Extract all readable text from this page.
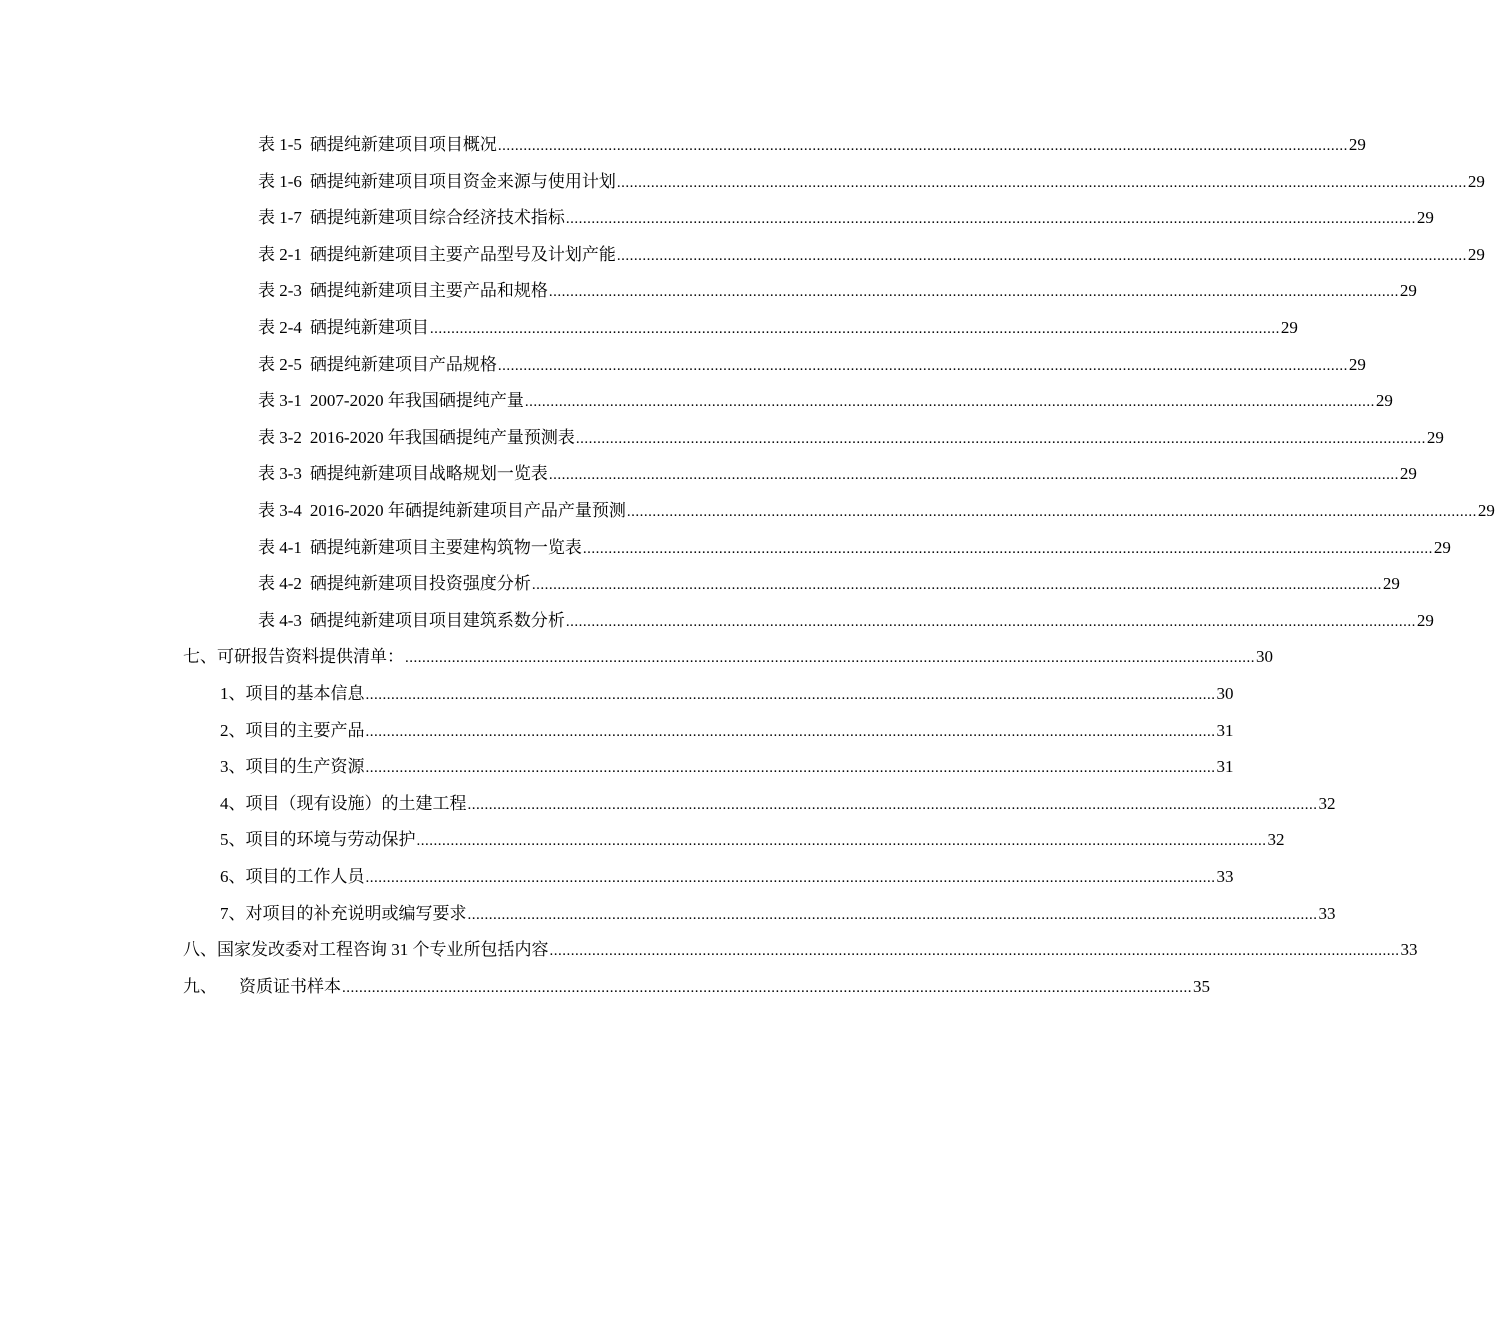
表 1-5 硒提纯新建项目项目概况 ........................................................................................................................................................................................................ 29
表 1-6 硒提纯新建项目项目资金来源与使用计划 ........................................................................................................................................................................................................ 29
表 1-7 硒提纯新建项目综合经济技术指标 ........................................................................................................................................................................................................ 29
表 2-1 硒提纯新建项目主要产品型号及计划产能 ........................................................................................................................................................................................................ 29
表 2-3 硒提纯新建项目主要产品和规格 ........................................................................................................................................................................................................ 29
表 2-4 硒提纯新建项目 ........................................................................................................................................................................................................ 29
表 2-5 硒提纯新建项目产品规格 ........................................................................................................................................................................................................ 29
表 3-1 2007-2020 年我国硒提纯产量 ........................................................................................................................................................................................................ 29
表 3-2 2016-2020 年我国硒提纯产量预测表 ........................................................................................................................................................................................................ 29
表 3-3 硒提纯新建项目战略规划一览表 ........................................................................................................................................................................................................ 29
表 3-4 2016-2020 年硒提纯新建项目产品产量预测 ........................................................................................................................................................................................................ 29
表 4-1 硒提纯新建项目主要建构筑物一览表 ........................................................................................................................................................................................................ 29
表 4-2 硒提纯新建项目投资强度分析 ........................................................................................................................................................................................................ 29
表 4-3 硒提纯新建项目项目建筑系数分析 ........................................................................................................................................................................................................ 29
七、可研报告资料提供清单： ........................................................................................................................................................................................................ 30
1、项目的基本信息 ........................................................................................................................................................................................................ 30
2、项目的主要产品 ........................................................................................................................................................................................................ 31
3、项目的生产资源 ........................................................................................................................................................................................................ 31
4、项目（现有设施）的土建工程 ........................................................................................................................................................................................................ 32
5、项目的环境与劳动保护 ........................................................................................................................................................................................................ 32
6、项目的工作人员 ........................................................................................................................................................................................................ 33
7、对项目的补充说明或编写要求 ........................................................................................................................................................................................................ 33
八、国家发改委对工程咨询 31 个专业所包括内容 ........................................................................................................................................................................................................ 33
九、 资质证书样本 ........................................................................................................................................................................................................ 35
